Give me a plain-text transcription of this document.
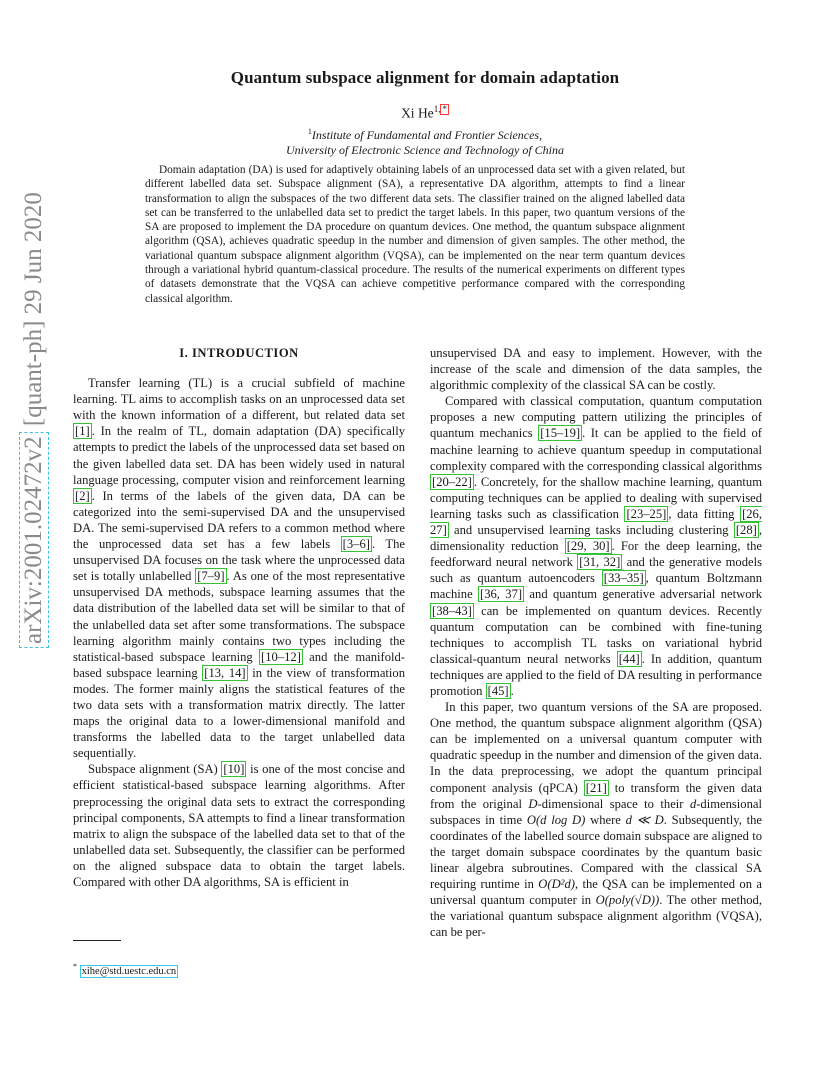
arXiv:2001.02472v2

[quant-ph]

29 Jun 2020
Quantum subspace alignment for domain adaptation
Xi $He^{1,}$ *
$^1$Institute of Fundamental and Frontier Sciences,
University of Electronic Science and Technology of China

Domain adaptation (DA) is used for adaptively obtaining labels of an unprocessed data set with a given related, but different labelled data set. Subspace alignment (SA), a representative DA algorithm, attempts to find a linear transformation to align the subspaces of the two different data sets. The classifier trained on the aligned labelled data set can be transferred to the unlabelled data set to predict the target labels. In this paper, two quantum versions of the SA are proposed to implement the DA procedure on quantum devices. One method, the quantum subspace alignment algorithm (QSA), achieves quadratic speedup in the number and dimension of given samples. The other method, the variational quantum subspace alignment algorithm (VQSA), can be implemented on the near term quantum devices through a variational hybrid quantum-classical procedure. The results of the numerical experiments on different types of datasets demonstrate that the VQSA can achieve competitive performance compared with the corresponding classical algorithm.

I. INTRODUCTION

Transfer learning (TL) is a crucial subfield of machine learning. TL aims to accomplish tasks on an unprocessed data set with the known information of a different, but related data set [1] . In the realm of TL, domain adaptation (DA) specifically attempts to predict the labels of the unprocessed data set based on the given labelled data set. DA has been widely used in natural language processing, computer vision and reinforcement learning [2] . In terms of the labels of the given data, DA can be categorized into the semi-supervised DA and the unsupervised DA. The semi-supervised DA refers to a common method where the unprocessed data set has a few labels [3–6] . The unsupervised DA focuses on the task where the unprocessed data set is totally unlabelled [7–9] . As one of the most representative unsupervised DA methods, subspace learning assumes that the data distribution of the labelled data set will be similar to that of the unlabelled data set after some transformations. The subspace learning algorithm mainly contains two types including the statistical-based subspace learning [10–12] and the manifold-based subspace learning [13, 14] in the view of transformation modes. The former mainly aligns the statistical features of the two data sets with a transformation matrix directly. The latter maps the original data to a lower-dimensional manifold and transforms the labelled data to the target unlabelled data sequentially.

Subspace alignment (SA) [10] is one of the most concise and efficient statistical-based subspace learning algorithms. After preprocessing the original data sets to extract the corresponding principal components, SA attempts to find a linear transformation matrix to align the subspace of the labelled data set to that of the unlabelled data set. Subsequently, the classifier can be performed on the aligned subspace data to obtain the target labels. Compared with other DA algorithms, SA is efficient in

unsupervised DA and easy to implement. However, with the increase of the scale and dimension of the data samples, the algorithmic complexity of the classical SA can be costly.

Compared with classical computation, quantum computation proposes a new computing pattern utilizing the principles of quantum mechanics [15–19] . It can be applied to the field of machine learning to achieve quantum speedup in computational complexity compared with the corresponding classical algorithms [20–22] . Concretely, for the shallow machine learning, quantum computing techniques can be applied to dealing with supervised learning tasks such as classification [23–25] , data fitting [26, 27] and unsupervised learning tasks including clustering [28] , dimensionality reduction [29, 30] . For the deep learning, the feedforward neural network [31, 32] and the generative models such as quantum autoencoders [33–35] , quantum Boltzmann machine [36, 37] and quantum generative adversarial network [38–43] can be implemented on quantum devices. Recently quantum computation can be combined with fine-tuning techniques to accomplish TL tasks on variational hybrid classical-quantum neural networks [44] . In addition, quantum techniques are applied to the field of DA resulting in performance promotion [45] .

In this paper, two quantum versions of the SA are proposed. One method, the quantum subspace alignment algorithm (QSA) can be implemented on a universal quantum computer with quadratic speedup in the number and dimension of the given data. In the data preprocessing, we adopt the quantum principal component analysis (qPCA) [21] to transform the given data from the original D-dimensional space to their d-dimensional subspaces in time O(d log D) where d ≪ D. Subsequently, the coordinates of the labelled source domain subspace are aligned to the target domain subspace coordinates by the quantum basic linear algebra subroutines. Compared with the classical SA requiring runtime in O(D²d), the QSA can be implemented on a universal quantum computer in O(poly(√D)). The other method, the variational quantum subspace alignment algorithm (VQSA), can be per-

* xihe@std.uestc.edu.cn
